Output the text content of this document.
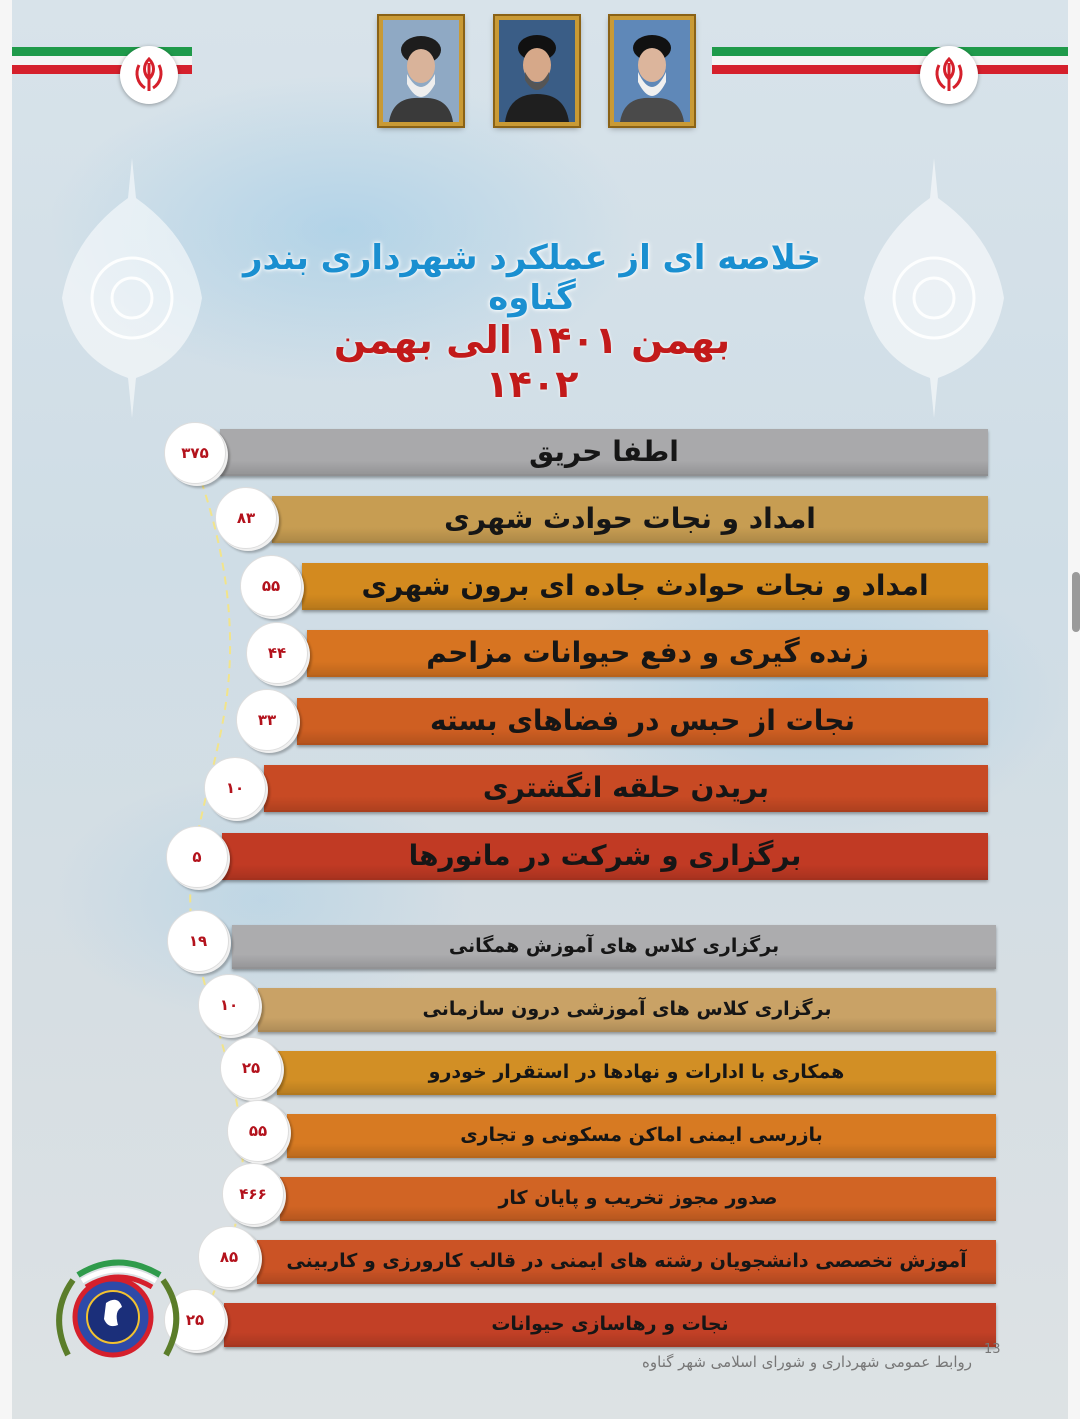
خلاصه ای از عملکرد شهرداری بندر گناوه
بهمن ۱۴۰۱ الی بهمن ۱۴۰۲
اطفا حریق
۳۷۵
امداد و نجات حوادث شهری
۸۳
امداد و نجات حوادث جاده ای برون شهری
۵۵
زنده گیری و دفع حیوانات مزاحم
۴۴
نجات از حبس در فضاهای بسته
۳۳
بریدن حلقه انگشتری
۱۰
برگزاری و شرکت در مانورها
۵
برگزاری کلاس های آموزش همگانی
۱۹
برگزاری کلاس های آموزشی درون سازمانی
۱۰
همکاری با ادارات و نهادها در استقرار خودرو
۲۵
بازرسی ایمنی اماکن مسکونی و تجاری
۵۵
صدور مجوز تخریب و پایان کار
۴۶۶
آموزش تخصصی دانشجویان رشته های ایمنی در قالب کارورزی و کاربینی
۸۵
نجات و رهاسازی حیوانات
۲۵
13
روابط عمومی شهرداری و شورای اسلامی شهر گناوه
